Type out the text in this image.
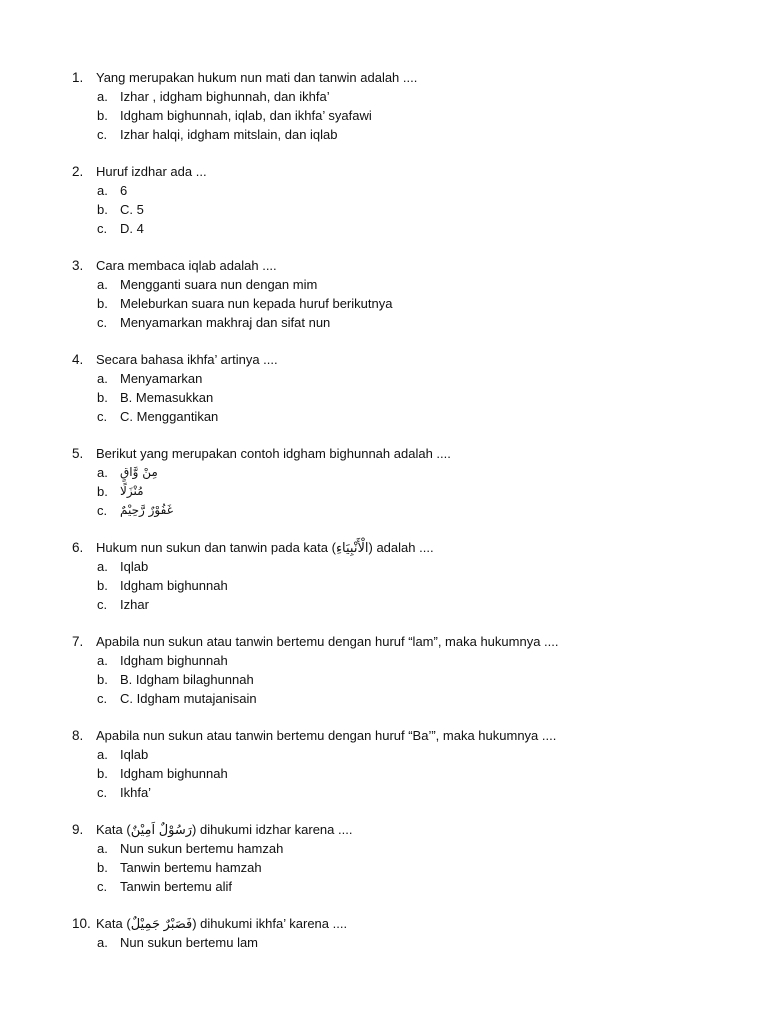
1. Yang merupakan hukum nun mati dan tanwin adalah ....
a. Izhar , idgham bighunnah, dan ikhfa’
b. Idgham bighunnah, iqlab, dan ikhfa’ syafawi
c. Izhar halqi, idgham mitslain, dan iqlab
2. Huruf izdhar ada ...
a. 6
b. C. 5
c. D. 4
3. Cara membaca iqlab adalah ....
a. Mengganti suara nun dengan mim
b. Meleburkan suara nun kepada huruf berikutnya
c. Menyamarkan makhraj dan sifat nun
4. Secara bahasa ikhfa’ artinya ....
a. Menyamarkan
b. B. Memasukkan
c. C. Menggantikan
5. Berikut yang merupakan contoh idgham bighunnah adalah ....
a. مِنْ وَّاقٍ
b. مُنْزَلًا
c. غَفُوْرٌ رَّحِيْمٌ
6. Hukum nun sukun dan tanwin pada kata (الْأَنْبِيَاءِ) adalah ....
a. Iqlab
b. Idgham bighunnah
c. Izhar
7. Apabila nun sukun atau tanwin bertemu dengan huruf “lam”, maka hukumnya ....
a. Idgham bighunnah
b. B. Idgham bilaghunnah
c. C. Idgham mutajanisain
8. Apabila nun sukun atau tanwin bertemu dengan huruf “Ba’”, maka hukumnya ....
a. Iqlab
b. Idgham bighunnah
c. Ikhfa’
9. Kata (رَسُوْلٌ اَمِيْنٌ) dihukumi idzhar karena ....
a. Nun sukun bertemu hamzah
b. Tanwin bertemu hamzah
c. Tanwin bertemu alif
10. Kata (فَصَبْرٌ جَمِيْلٌ) dihukumi ikhfa’ karena ....
a. Nun sukun bertemu lam
